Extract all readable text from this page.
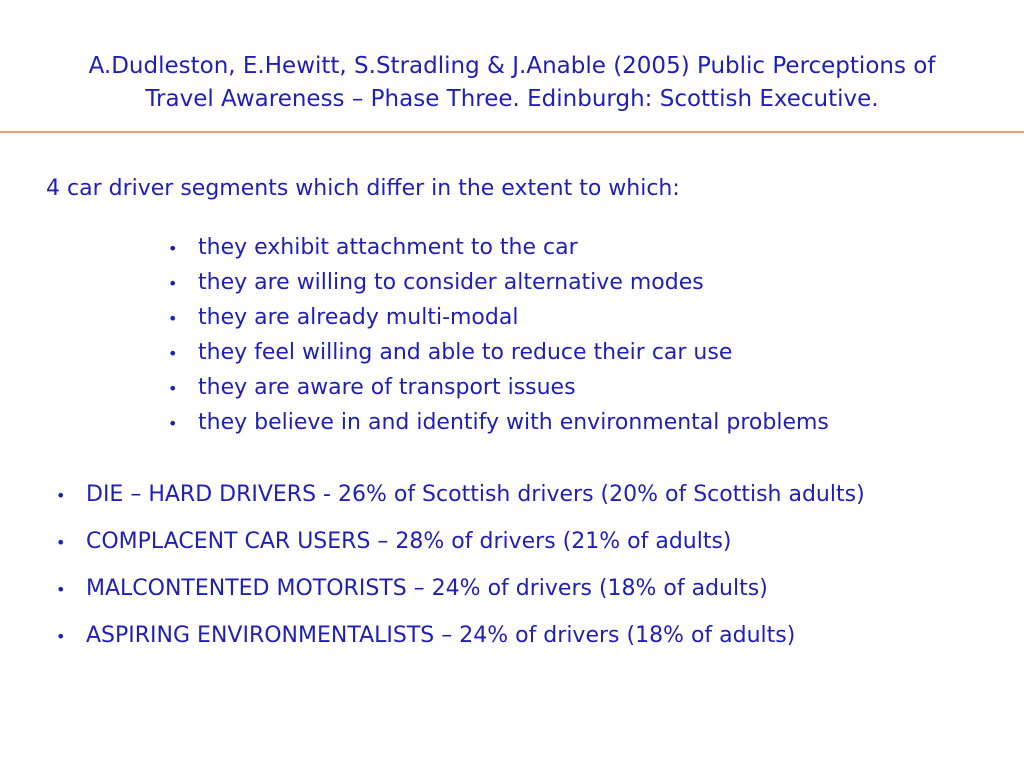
A.Dudleston, E.Hewitt, S.Stradling & J.Anable (2005) Public Perceptions of
Travel Awareness – Phase Three. Edinburgh: Scottish Executive.
4 car driver segments which differ in the extent to which:
• they exhibit attachment to the car
• they are willing to consider alternative modes
• they are already multi-modal
• they feel willing and able to reduce their car use
• they are aware of transport issues
• they believe in and identify with environmental problems
• DIE – HARD DRIVERS - 26% of Scottish drivers (20% of Scottish adults)
• COMPLACENT CAR USERS – 28% of drivers (21% of adults)
• MALCONTENTED MOTORISTS – 24% of drivers (18% of adults)
• ASPIRING ENVIRONMENTALISTS – 24% of drivers (18% of adults)
